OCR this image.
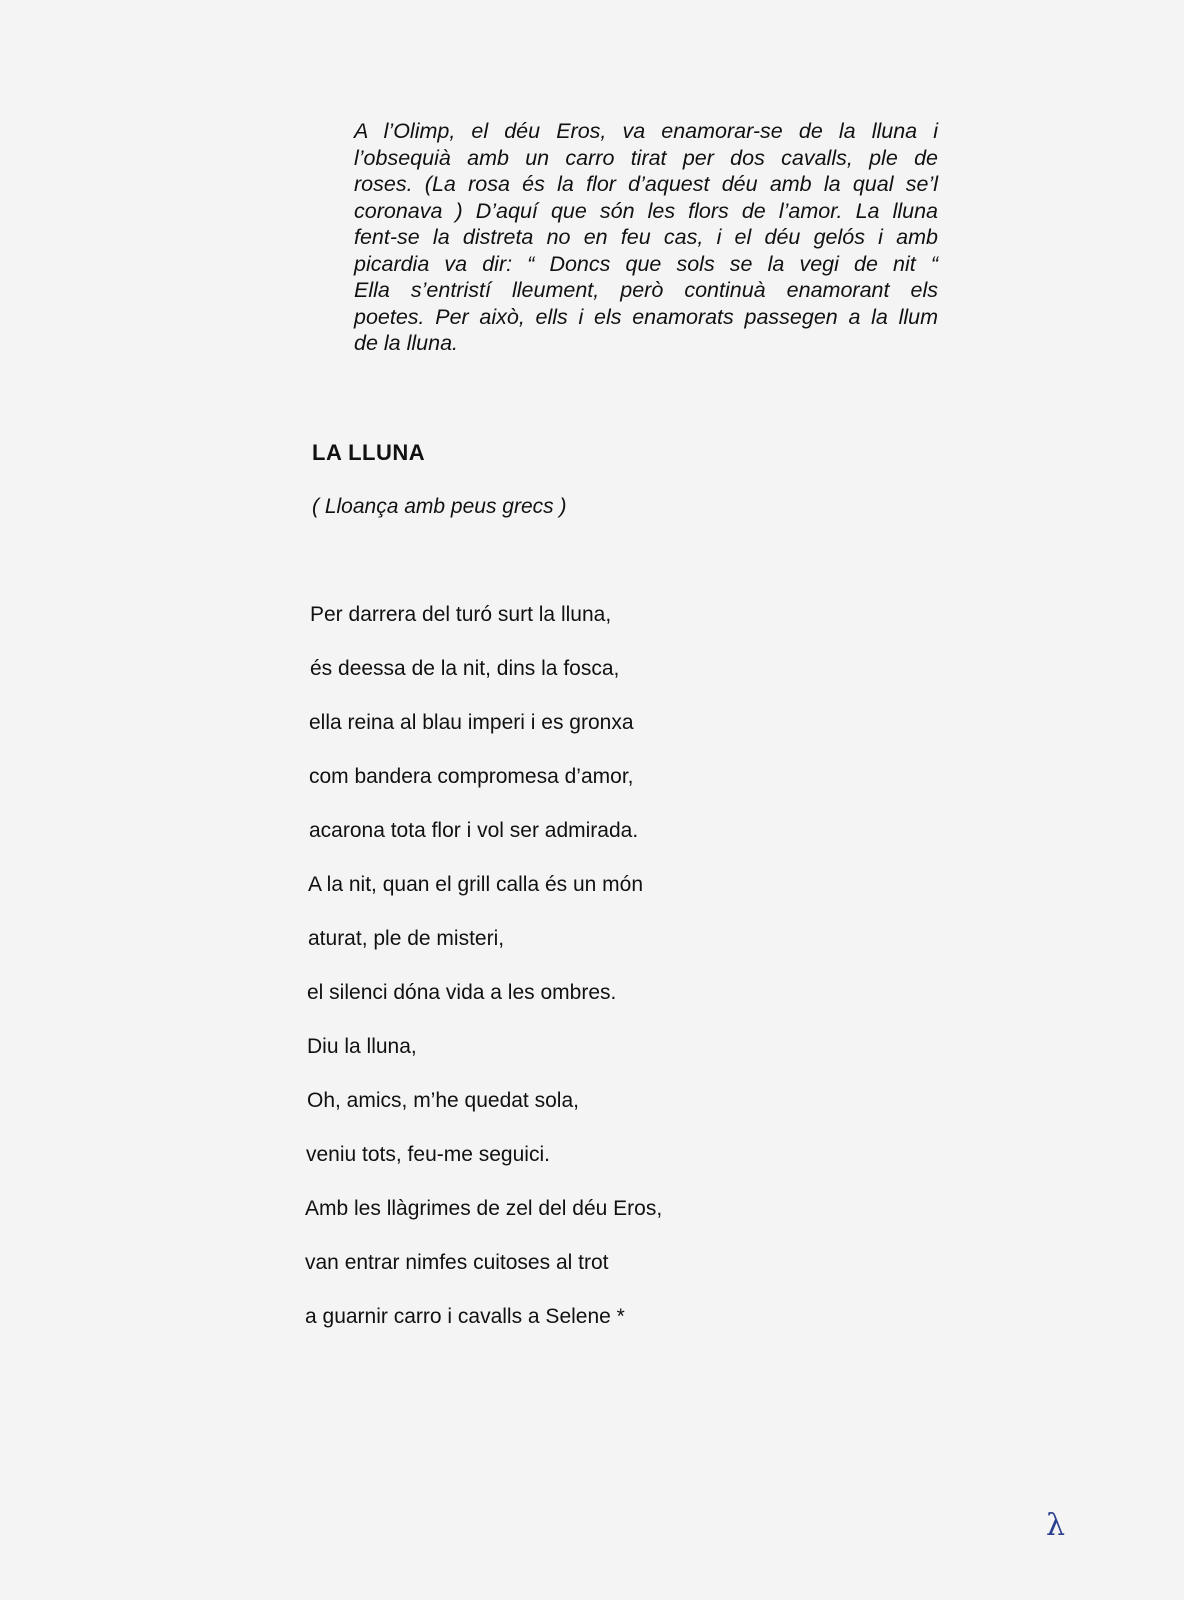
A l’Olimp, el déu Eros, va enamorar-se de la lluna i
l’obsequià amb un carro tirat per dos cavalls, ple de
roses. (La rosa és la flor d’aquest déu amb la qual se’l
coronava ) D’aquí que són les flors de l’amor. La lluna
fent-se la distreta no en feu cas, i el déu gelós i amb
picardia va dir: “ Doncs que sols se la vegi de nit “
Ella s’entristí lleument, però continuà enamorant els
poetes. Per això, ells i els enamorats passegen a la llum
de la lluna.
LA LLUNA

( Lloança amb peus grecs )

Per darrera del turó surt la lluna,
és deessa de la nit, dins la fosca,
ella reina al blau imperi i es gronxa
com bandera compromesa d’amor,
acarona tota flor i vol ser admirada.
A la nit, quan el grill calla és un món
aturat, ple de misteri,
el silenci dóna vida a les ombres.
Diu la lluna,
Oh, amics, m’he quedat sola,
veniu tots, feu-me seguici.
Amb les llàgrimes de zel del déu Eros,
van entrar nimfes cuitoses al trot
a guarnir carro i cavalls a Selene *
λ
